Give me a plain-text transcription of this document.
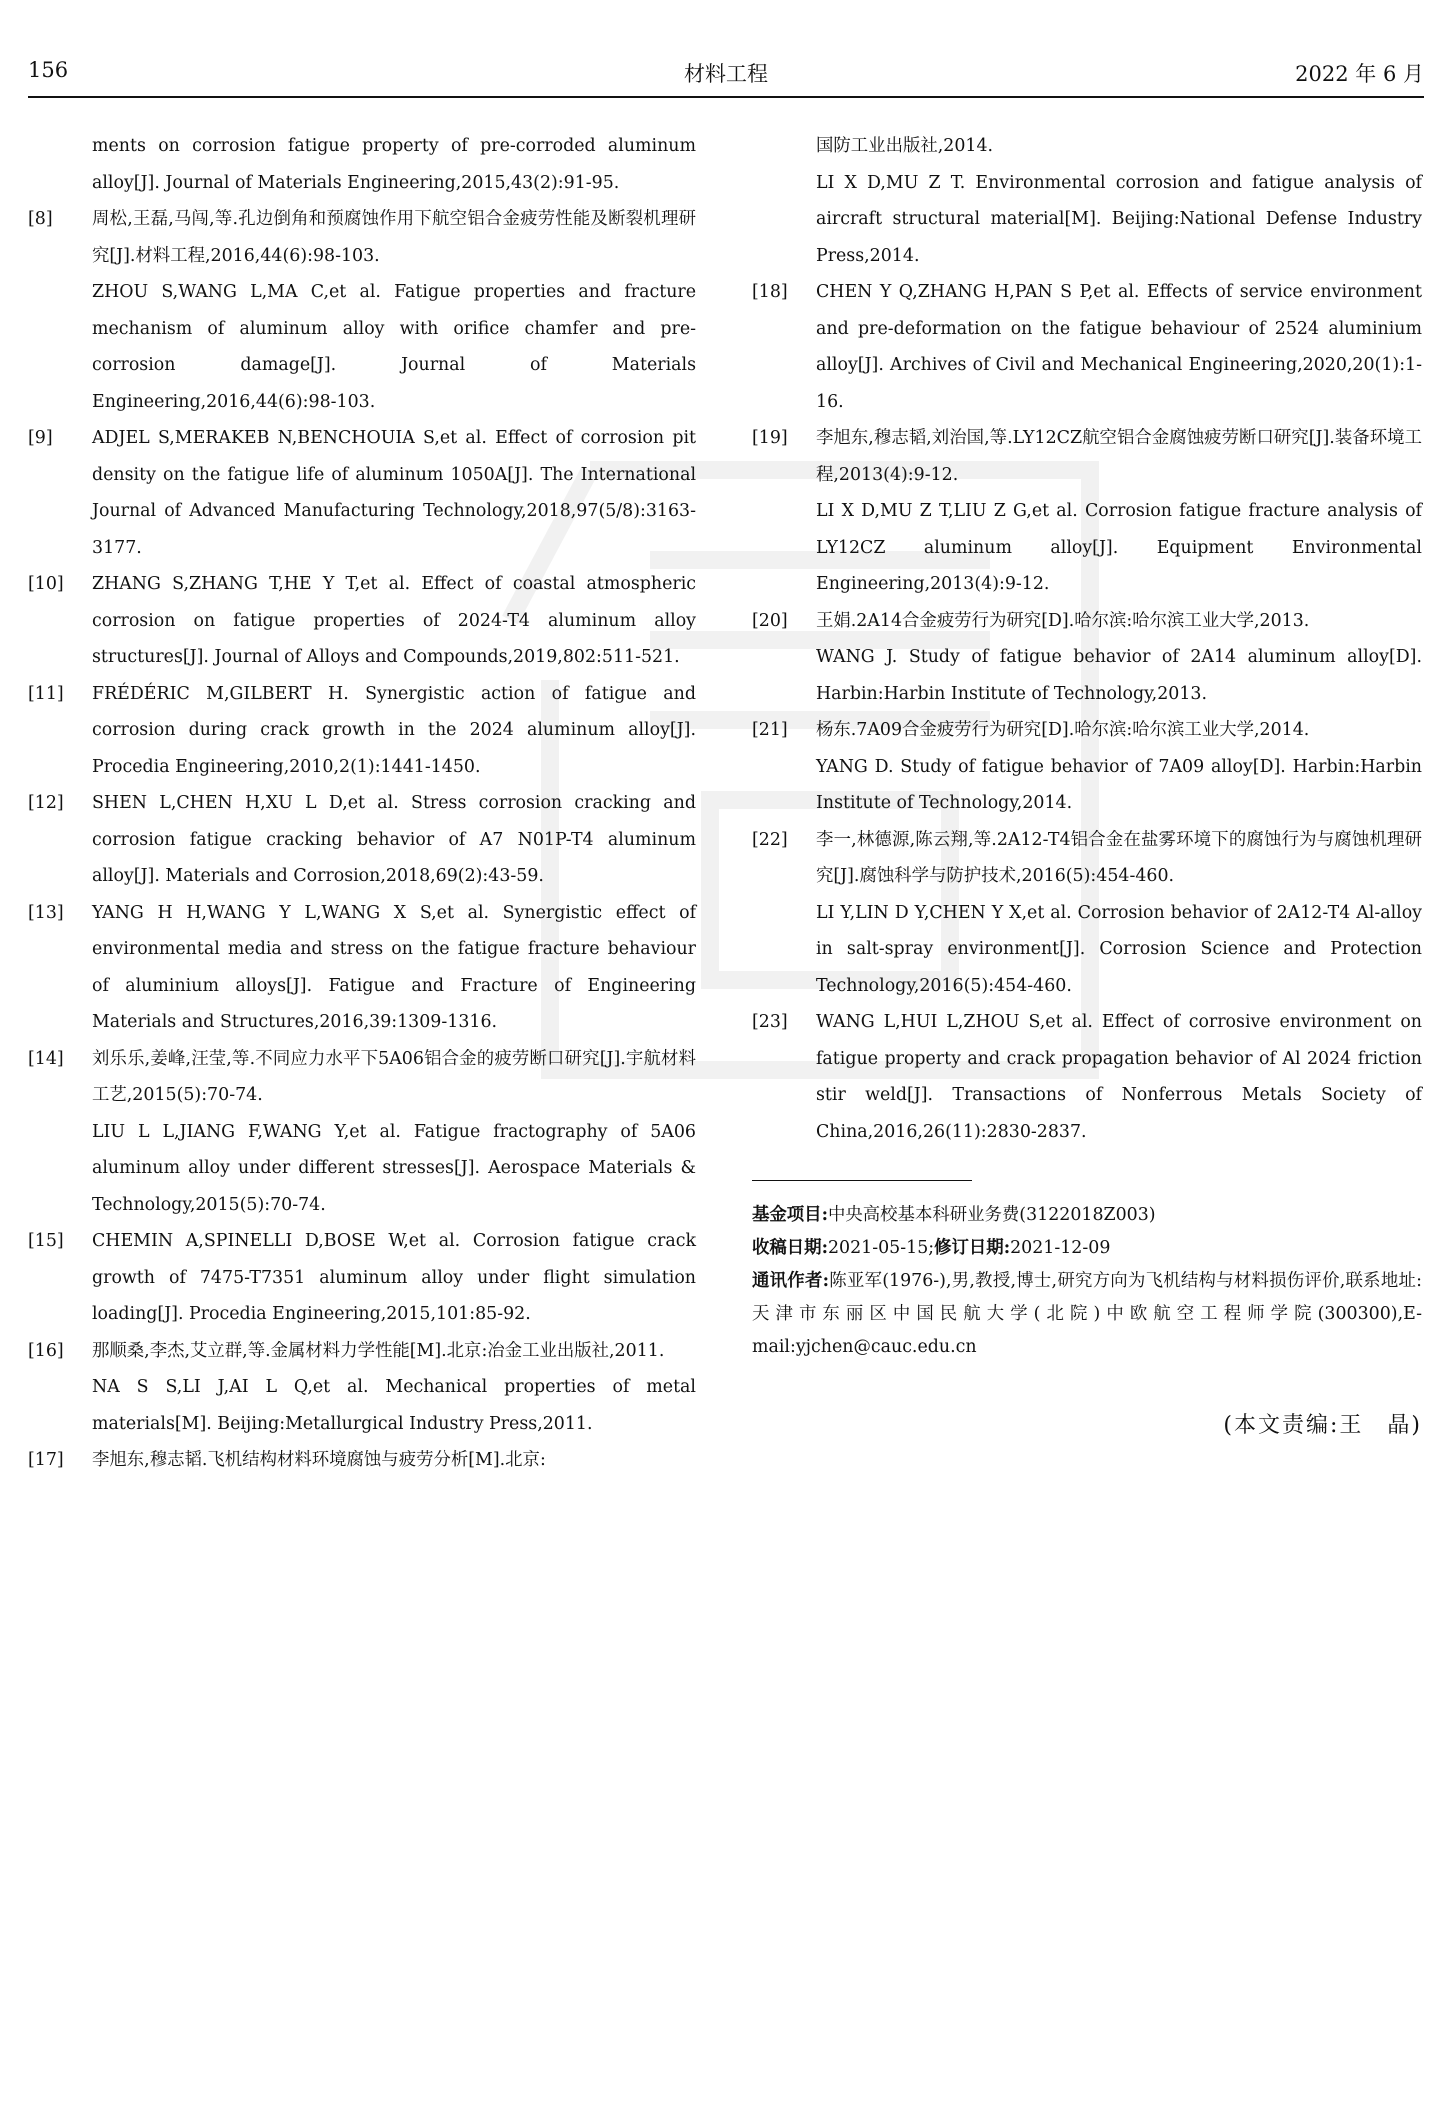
156	材料工程	2022 年 6 月

ments on corrosion fatigue property of pre-corroded aluminum alloy[J]. Journal of Materials Engineering,2015,43(2):91-95.

[8]	周松,王磊,马闯,等.孔边倒角和预腐蚀作用下航空铝合金疲劳性能及断裂机理研究[J].材料工程,2016,44(6):98-103.

ZHOU S,WANG L,MA C,et al. Fatigue properties and fracture mechanism of aluminum alloy with orifice chamfer and pre-corrosion damage[J]. Journal of Materials Engineering,2016,44(6):98-103.

[9]	ADJEL S,MERAKEB N,BENCHOUIA S,et al. Effect of corrosion pit density on the fatigue life of aluminum 1050A[J]. The International Journal of Advanced Manufacturing Technology,2018,97(5/8):3163-3177.

[10]	ZHANG S,ZHANG T,HE Y T,et al. Effect of coastal atmospheric corrosion on fatigue properties of 2024-T4 aluminum alloy structures[J]. Journal of Alloys and Compounds,2019,802:511-521.

[11]	FRÉDÉRIC M,GILBERT H. Synergistic action of fatigue and corrosion during crack growth in the 2024 aluminum alloy[J]. Procedia Engineering,2010,2(1):1441-1450.

[12]	SHEN L,CHEN H,XU L D,et al. Stress corrosion cracking and corrosion fatigue cracking behavior of A7 N01P-T4 aluminum alloy[J]. Materials and Corrosion,2018,69(2):43-59.

[13]	YANG H H,WANG Y L,WANG X S,et al. Synergistic effect of environmental media and stress on the fatigue fracture behaviour of aluminium alloys[J]. Fatigue and Fracture of Engineering Materials and Structures,2016,39:1309-1316.

[14]	刘乐乐,姜峰,汪莹,等.不同应力水平下5A06铝合金的疲劳断口研究[J].宇航材料工艺,2015(5):70-74.

LIU L L,JIANG F,WANG Y,et al. Fatigue fractography of 5A06 aluminum alloy under different stresses[J]. Aerospace Materials & Technology,2015(5):70-74.

[15]	CHEMIN A,SPINELLI D,BOSE W,et al. Corrosion fatigue crack growth of 7475-T7351 aluminum alloy under flight simulation loading[J]. Procedia Engineering,2015,101:85-92.

[16]	那顺桑,李杰,艾立群,等.金属材料力学性能[M].北京:冶金工业出版社,2011.

NA S S,LI J,AI L Q,et al. Mechanical properties of metal materials[M]. Beijing:Metallurgical Industry Press,2011.

[17]	李旭东,穆志韬.飞机结构材料环境腐蚀与疲劳分析[M].北京:

国防工业出版社,2014.

LI X D,MU Z T. Environmental corrosion and fatigue analysis of aircraft structural material[M]. Beijing:National Defense Industry Press,2014.

[18]	CHEN Y Q,ZHANG H,PAN S P,et al. Effects of service environment and pre-deformation on the fatigue behaviour of 2524 aluminium alloy[J]. Archives of Civil and Mechanical Engineering,2020,20(1):1-16.

[19]	李旭东,穆志韬,刘治国,等.LY12CZ航空铝合金腐蚀疲劳断口研究[J].装备环境工程,2013(4):9-12.

LI X D,MU Z T,LIU Z G,et al. Corrosion fatigue fracture analysis of LY12CZ aluminum alloy[J]. Equipment Environmental Engineering,2013(4):9-12.

[20]	王娟.2A14合金疲劳行为研究[D].哈尔滨:哈尔滨工业大学,2013.

WANG J. Study of fatigue behavior of 2A14 aluminum alloy[D]. Harbin:Harbin Institute of Technology,2013.

[21]	杨东.7A09合金疲劳行为研究[D].哈尔滨:哈尔滨工业大学,2014.

YANG D. Study of fatigue behavior of 7A09 alloy[D]. Harbin:Harbin Institute of Technology,2014.

[22]	李一,林德源,陈云翔,等.2A12-T4铝合金在盐雾环境下的腐蚀行为与腐蚀机理研究[J].腐蚀科学与防护技术,2016(5):454-460.

LI Y,LIN D Y,CHEN Y X,et al. Corrosion behavior of 2A12-T4 Al-alloy in salt-spray environment[J]. Corrosion Science and Protection Technology,2016(5):454-460.

[23]	WANG L,HUI L,ZHOU S,et al. Effect of corrosive environment on fatigue property and crack propagation behavior of Al 2024 friction stir weld[J]. Transactions of Nonferrous Metals Society of China,2016,26(11):2830-2837.

基金项目:中央高校基本科研业务费(3122018Z003)
收稿日期:2021-05-15;修订日期:2021-12-09
通讯作者:陈亚军(1976-),男,教授,博士,研究方向为飞机结构与材料损伤评价,联系地址:天津市东丽区中国民航大学(北院)中欧航空工程师学院(300300),E-mail:yjchen@cauc.edu.cn
(本文责编:王　晶)
